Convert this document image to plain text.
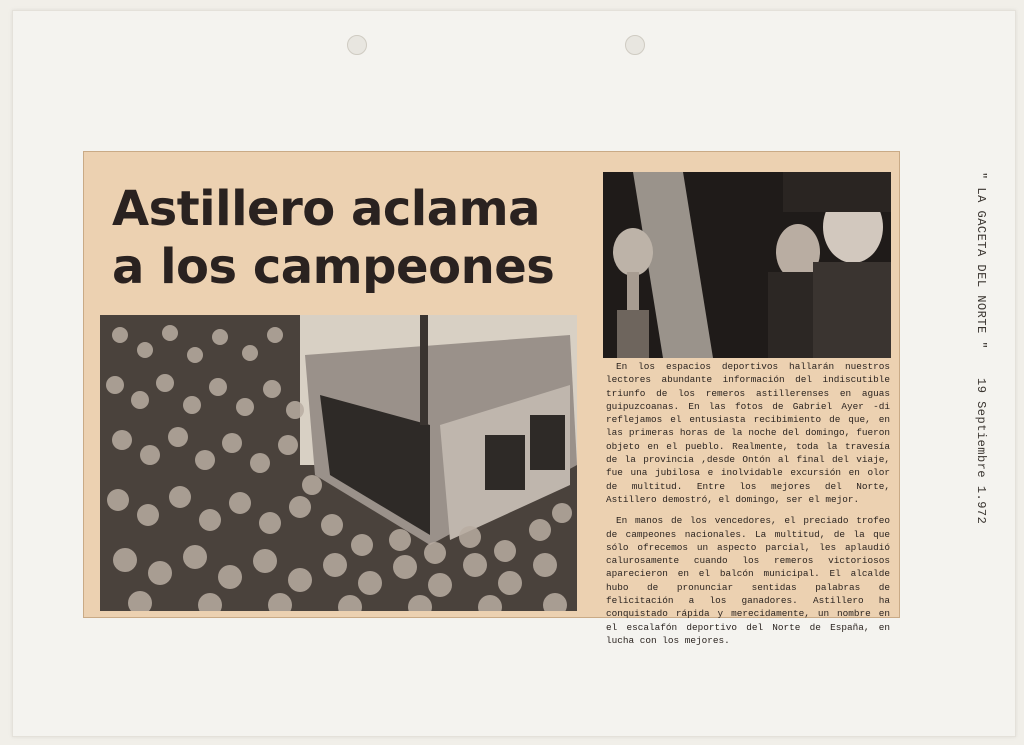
Astillero aclama
a los campeones

En los espacios deportivos hallarán nuestros lectores abundante información del indiscutible triunfo de los remeros astillerenses en aguas guipuzcoanas. En las fotos de Gabriel Ayer -di reflejamos el entusiasta recibimiento de que, en las primeras horas de la noche del domingo, fueron objeto en el pueblo. Realmente, toda la travesía de la provincia ,desde Ontón al final del viaje, fue una jubilosa e inolvidable excursión en olor de multitud. Entre los mejores del Norte, Astillero demostró, el domingo, ser el mejor.

En manos de los vencedores, el preciado trofeo de campeones nacionales. La multitud, de la que sólo ofrecemos un aspecto parcial, les aplaudió calurosamente cuando los remeros victoriosos aparecieron en el balcón municipal. El alcalde hubo de pronunciar sentidas palabras de felicitación a los ganadores. Astillero ha conquistado rápida y merecidamente, un nombre en el escalafón deportivo del Norte de España, en lucha con los mejores.

" LA GACETA DEL NORTE "
19 Septiembre 1.972
